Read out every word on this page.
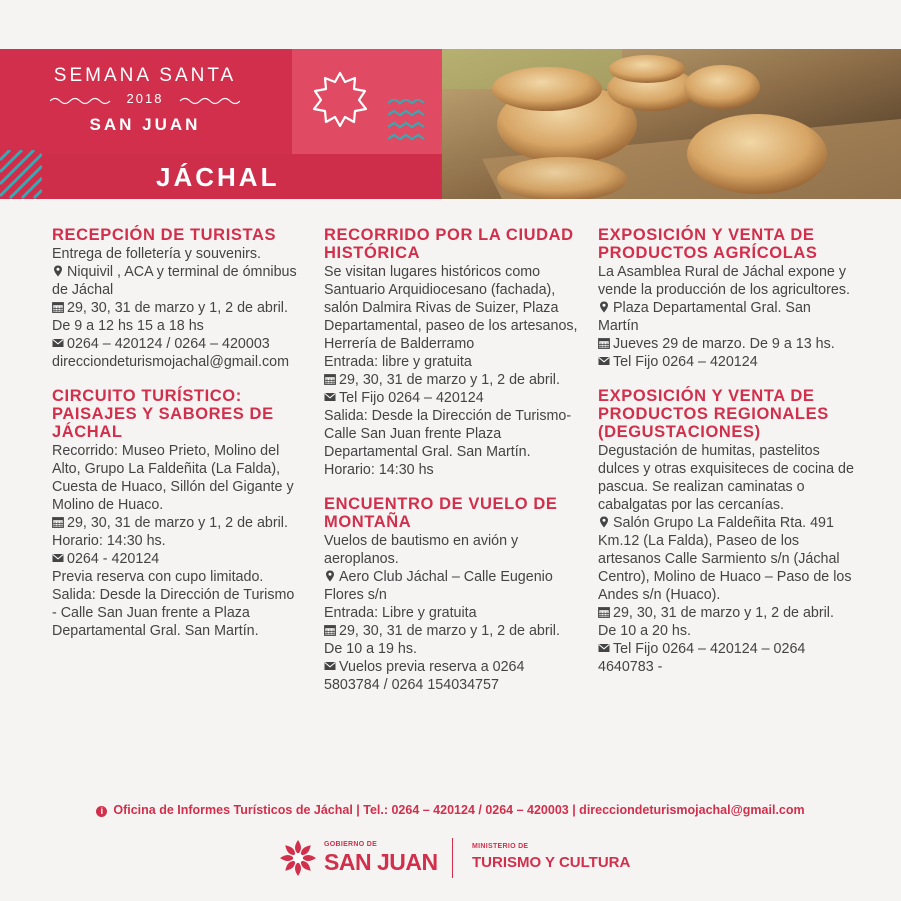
SEMANA SANTA
2018
SAN JUAN
JÁCHAL
RECEPCIÓN DE TURISTAS
Entrega de folletería y souvenirs.
Niquivil , ACA y terminal de ómnibus de Jáchal
29, 30, 31 de marzo y 1, 2 de abril. De 9 a 12 hs 15 a 18 hs
0264 – 420124 / 0264 – 420003
direcciondeturismojachal@gmail.com
CIRCUITO TURÍSTICO: PAISAJES Y SABORES DE JÁCHAL
Recorrido: Museo Prieto, Molino del Alto, Grupo La Faldeñita (La Falda), Cuesta de Huaco, Sillón del Gigante y Molino de Huaco.
29, 30, 31 de marzo y 1, 2 de abril. Horario: 14:30 hs.
0264 - 420124
Previa reserva con cupo limitado.
Salida: Desde la Dirección de Turismo - Calle San Juan frente a Plaza Departamental Gral. San Martín.
RECORRIDO POR LA CIUDAD HISTÓRICA
Se visitan lugares históricos como Santuario Arquidiocesano (fachada), salón Dalmira Rivas de Suizer, Plaza Departamental, paseo de los artesanos, Herrería de Balderramo
Entrada: libre y gratuita
29, 30, 31 de marzo y 1, 2 de abril.
Tel Fijo 0264 – 420124
Salida: Desde la Dirección de Turismo- Calle San Juan frente Plaza Departamental Gral. San Martín.
Horario: 14:30 hs
ENCUENTRO DE VUELO DE MONTAÑA
Vuelos de bautismo en avión y aeroplanos.
Aero Club Jáchal – Calle Eugenio Flores s/n
Entrada: Libre y gratuita
29, 30, 31 de marzo y 1, 2 de abril. De 10 a 19 hs.
Vuelos previa reserva a 0264 5803784 / 0264 154034757
EXPOSICIÓN Y VENTA DE PRODUCTOS AGRÍCOLAS
La Asamblea Rural de Jáchal expone y vende la producción de los agricultores.
Plaza Departamental Gral. San Martín
Jueves 29 de marzo. De 9 a 13 hs.
Tel Fijo 0264 – 420124
EXPOSICIÓN Y VENTA DE PRODUCTOS REGIONALES (DEGUSTACIONES)
Degustación de humitas, pastelitos dulces y otras exquisiteces de cocina de pascua. Se realizan caminatas o cabalgatas por las cercanías.
Salón Grupo La Faldeñita Rta. 491 Km.12 (La Falda), Paseo de los artesanos Calle Sarmiento s/n (Jáchal Centro), Molino de Huaco – Paso de los Andes s/n (Huaco).
29, 30, 31 de marzo y 1, 2 de abril. De 10 a 20 hs.
Tel Fijo 0264 – 420124 – 0264 4640783 -
i Oficina de Informes Turísticos de Jáchal | Tel.: 0264 – 420124 / 0264 – 420003 | direcciondeturismojachal@gmail.com
GOBIERNO DE
SAN JUAN
MINISTERIO DE
TURISMO Y CULTURA
